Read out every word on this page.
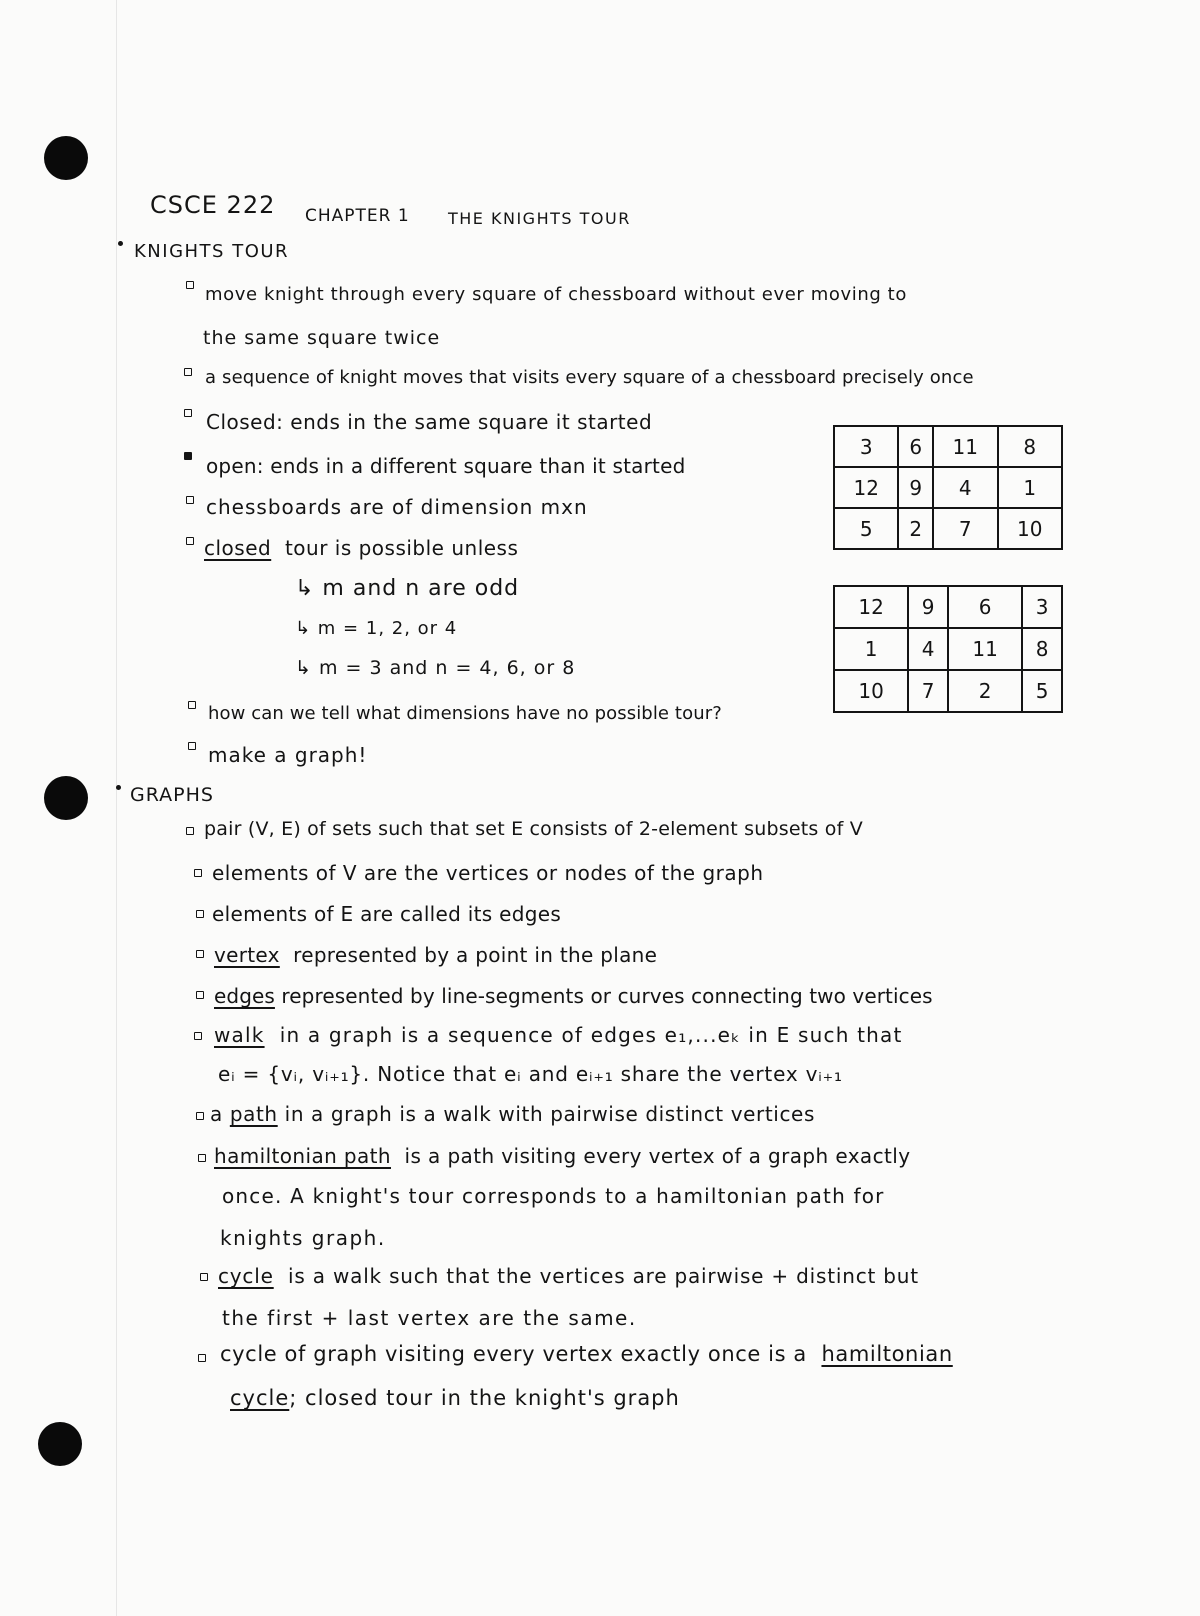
CSCE 222 CHAPTER 1 THE KNIGHTS TOUR
KNIGHTS TOUR
move knight through every square of chessboard without ever moving to
the same square twice
a sequence of knight moves that visits every square of a chessboard precisely once
Closed: ends in the same square it started
open: ends in a different square than it started
chessboards are of dimension mxn
closed tour is possible unless
↳ m and n are odd
↳ m = 1, 2, or 4
↳ m = 3 and n = 4, 6, or 8
how can we tell what dimensions have no possible tour?
make a graph!
3	6	11	8
12	9	4	1
5	2	7	10
12	9	6	3
1	4	11	8
10	7	2	5
GRAPHS
pair (V, E) of sets such that set E consists of 2-element subsets of V
elements of V are the vertices or nodes of the graph
elements of E are called its edges
vertex represented by a point in the plane
edges represented by line-segments or curves connecting two vertices
walk in a graph is a sequence of edges e₁,...eₖ in E such that
eᵢ = {vᵢ, vᵢ₊₁}. Notice that eᵢ and eᵢ₊₁ share the vertex vᵢ₊₁
a path in a graph is a walk with pairwise distinct vertices
hamiltonian path is a path visiting every vertex of a graph exactly
once. A knight's tour corresponds to a hamiltonian path for
knights graph.
cycle is a walk such that the vertices are pairwise + distinct but
the first + last vertex are the same.
cycle of graph visiting every vertex exactly once is a hamiltonian
cycle; closed tour in the knight's graph
